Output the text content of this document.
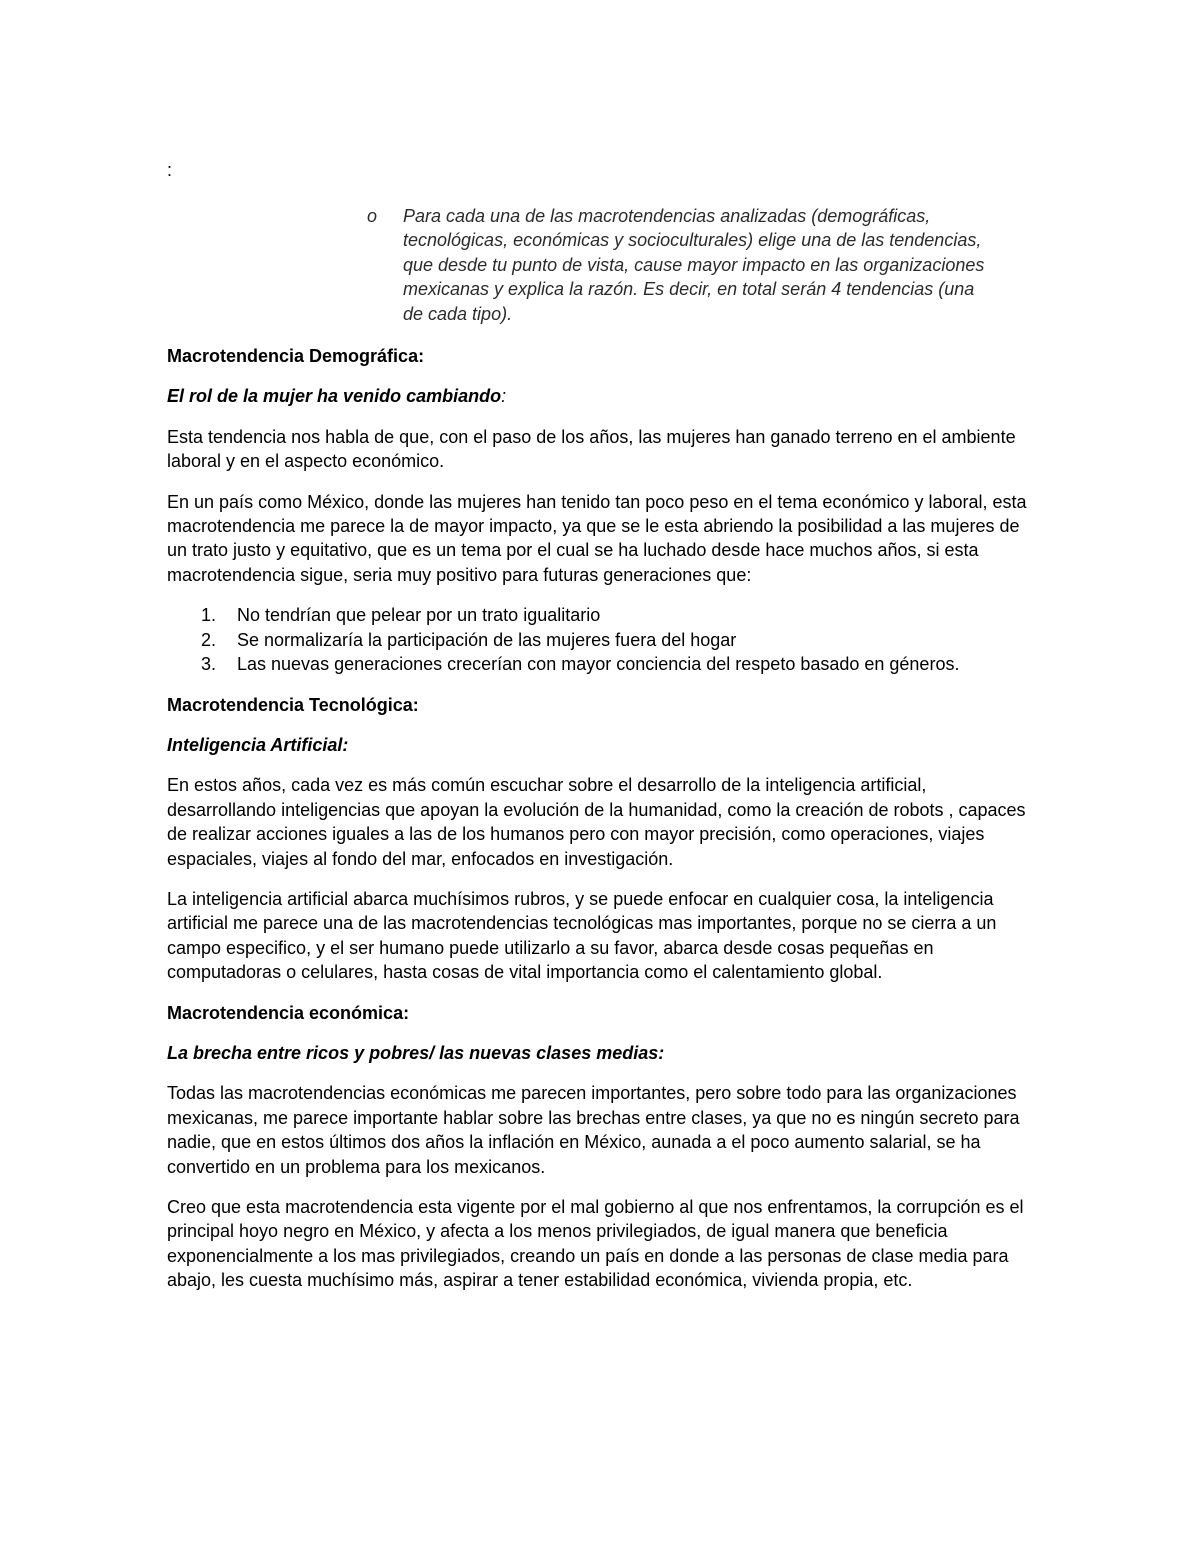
:
o Para cada una de las macrotendencias analizadas (demográficas, tecnológicas, económicas y socioculturales) elige una de las tendencias, que desde tu punto de vista, cause mayor impacto en las organizaciones mexicanas y explica la razón. Es decir, en total serán 4 tendencias (una de cada tipo).
Macrotendencia Demográfica:
El rol de la mujer ha venido cambiando:
Esta tendencia nos habla de que, con el paso de los años, las mujeres han ganado terreno en el ambiente laboral y en el aspecto económico.
En un país como México, donde las mujeres han tenido tan poco peso en el tema económico y laboral, esta macrotendencia me parece la de mayor impacto, ya que se le esta abriendo la posibilidad a las mujeres de un trato justo y equitativo, que es un tema por el cual se ha luchado desde hace muchos años, si esta macrotendencia sigue, seria muy positivo para futuras generaciones que:
1. No tendrían que pelear por un trato igualitario
2. Se normalizaría la participación de las mujeres fuera del hogar
3. Las nuevas generaciones crecerían con mayor conciencia del respeto basado en géneros.
Macrotendencia Tecnológica:
Inteligencia Artificial:
En estos años, cada vez es más común escuchar sobre el desarrollo de la inteligencia artificial, desarrollando inteligencias que apoyan la evolución de la humanidad, como la creación de robots , capaces de realizar acciones iguales a las de los humanos pero con mayor precisión, como operaciones, viajes espaciales, viajes al fondo del mar, enfocados en investigación.
La inteligencia artificial abarca muchísimos rubros, y se puede enfocar en cualquier cosa, la inteligencia artificial me parece una de las macrotendencias tecnológicas mas importantes, porque no se cierra a un campo especifico, y el ser humano puede utilizarlo a su favor, abarca desde cosas pequeñas en computadoras o celulares, hasta cosas de vital importancia como el calentamiento global.
Macrotendencia económica:
La brecha entre ricos y pobres/ las nuevas clases medias:
Todas las macrotendencias económicas me parecen importantes, pero sobre todo para las organizaciones mexicanas, me parece importante hablar sobre las brechas entre clases, ya que no es ningún secreto para nadie, que en estos últimos dos años la inflación en México, aunada a el poco aumento salarial, se ha convertido en un problema para los mexicanos.
Creo que esta macrotendencia esta vigente por el mal gobierno al que nos enfrentamos, la corrupción es el principal hoyo negro en México, y afecta a los menos privilegiados, de igual manera que beneficia exponencialmente a los mas privilegiados, creando un país en donde a las personas de clase media para abajo, les cuesta muchísimo más, aspirar a tener estabilidad económica, vivienda propia, etc.
